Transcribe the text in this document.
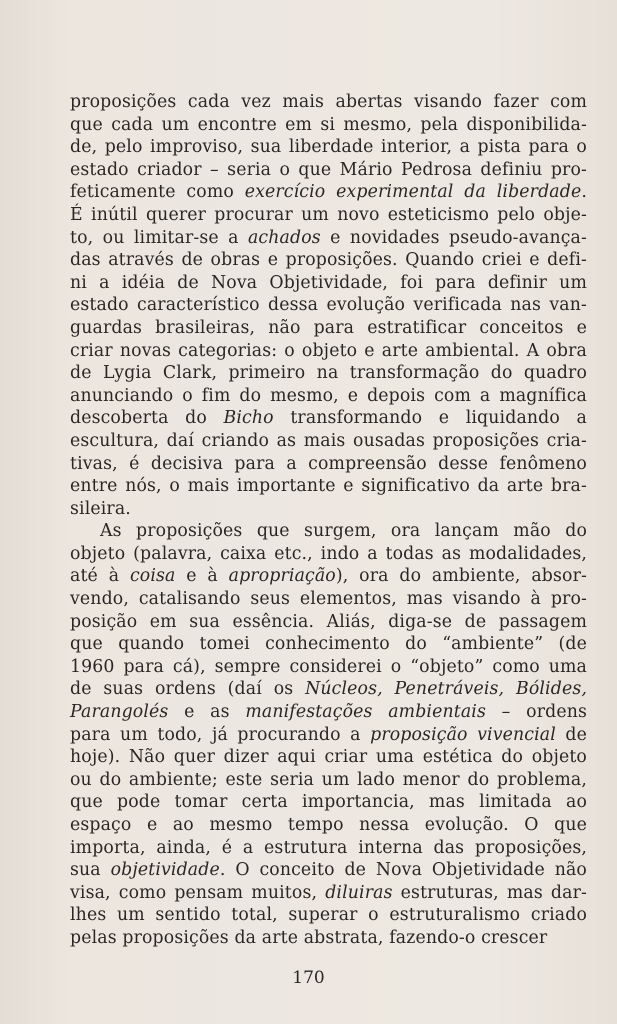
proposições cada vez mais abertas visando fazer com
que cada um encontre em si mesmo, pela disponibilida-
de, pelo improviso, sua liberdade interior, a pista para o
estado criador – seria o que Mário Pedrosa definiu pro-
feticamente como exercício experimental da liberdade.
É inútil querer procurar um novo esteticismo pelo obje-
to, ou limitar-se a achados e novidades pseudo-avança-
das através de obras e proposições. Quando criei e defi-
ni a idéia de Nova Objetividade, foi para definir um
estado característico dessa evolução verificada nas van-
guardas brasileiras, não para estratificar conceitos e
criar novas categorias: o objeto e arte ambiental. A obra
de Lygia Clark, primeiro na transformação do quadro
anunciando o fim do mesmo, e depois com a magnífica
descoberta do Bicho transformando e liquidando a
escultura, daí criando as mais ousadas proposições cria-
tivas, é decisiva para a compreensão desse fenômeno
entre nós, o mais importante e significativo da arte bra-
sileira.
As proposições que surgem, ora lançam mão do
objeto (palavra, caixa etc., indo a todas as modalidades,
até à coisa e à apropriação), ora do ambiente, absor-
vendo, catalisando seus elementos, mas visando à pro-
posição em sua essência. Aliás, diga-se de passagem
que quando tomei conhecimento do “ambiente” (de
1960 para cá), sempre considerei o “objeto” como uma
de suas ordens (daí os Núcleos, Penetráveis, Bólides,
Parangolés e as manifestações ambientais – ordens
para um todo, já procurando a proposição vivencial de
hoje). Não quer dizer aqui criar uma estética do objeto
ou do ambiente; este seria um lado menor do problema,
que pode tomar certa importancia, mas limitada ao
espaço e ao mesmo tempo nessa evolução. O que
importa, ainda, é a estrutura interna das proposições,
sua objetividade. O conceito de Nova Objetividade não
visa, como pensam muitos, diluiras estruturas, mas dar-
lhes um sentido total, superar o estruturalismo criado
pelas proposições da arte abstrata, fazendo-o crescer
170
